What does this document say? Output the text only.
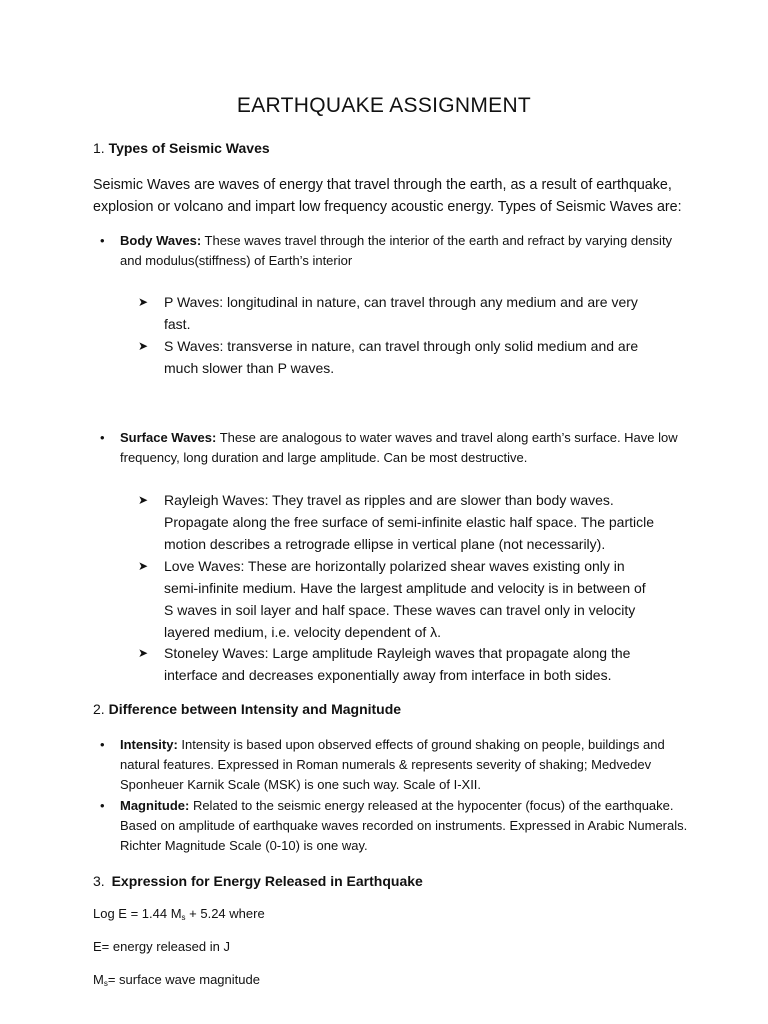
EARTHQUAKE ASSIGNMENT
1. Types of Seismic Waves
Seismic Waves are waves of energy that travel through the earth, as a result of earthquake, explosion or volcano and impart low frequency acoustic energy. Types of Seismic Waves are:
• Body Waves: These waves travel through the interior of the earth and refract by varying density and modulus(stiffness) of Earth’s interior
➤ P Waves: longitudinal in nature, can travel through any medium and are very fast.
➤ S Waves: transverse in nature, can travel through only solid medium and are much slower than P waves.
• Surface Waves: These are analogous to water waves and travel along earth’s surface. Have low frequency, long duration and large amplitude. Can be most destructive.
➤ Rayleigh Waves: They travel as ripples and are slower than body waves. Propagate along the free surface of semi-infinite elastic half space. The particle motion describes a retrograde ellipse in vertical plane (not necessarily).
➤ Love Waves: These are horizontally polarized shear waves existing only in semi-infinite medium. Have the largest amplitude and velocity is in between of S waves in soil layer and half space. These waves can travel only in velocity layered medium, i.e. velocity dependent of λ.
➤ Stoneley Waves: Large amplitude Rayleigh waves that propagate along the interface and decreases exponentially away from interface in both sides.
2. Difference between Intensity and Magnitude
• Intensity: Intensity is based upon observed effects of ground shaking on people, buildings and natural features. Expressed in Roman numerals & represents severity of shaking; Medvedev Sponheuer Karnik Scale (MSK) is one such way. Scale of I-XII.
• Magnitude: Related to the seismic energy released at the hypocenter (focus) of the earthquake. Based on amplitude of earthquake waves recorded on instruments. Expressed in Arabic Numerals. Richter Magnitude Scale (0-10) is one way.
3. Expression for Energy Released in Earthquake
Log E = 1.44 $M_s + 5.24$ where
E= energy released in J
$M_s=$ surface wave magnitude
